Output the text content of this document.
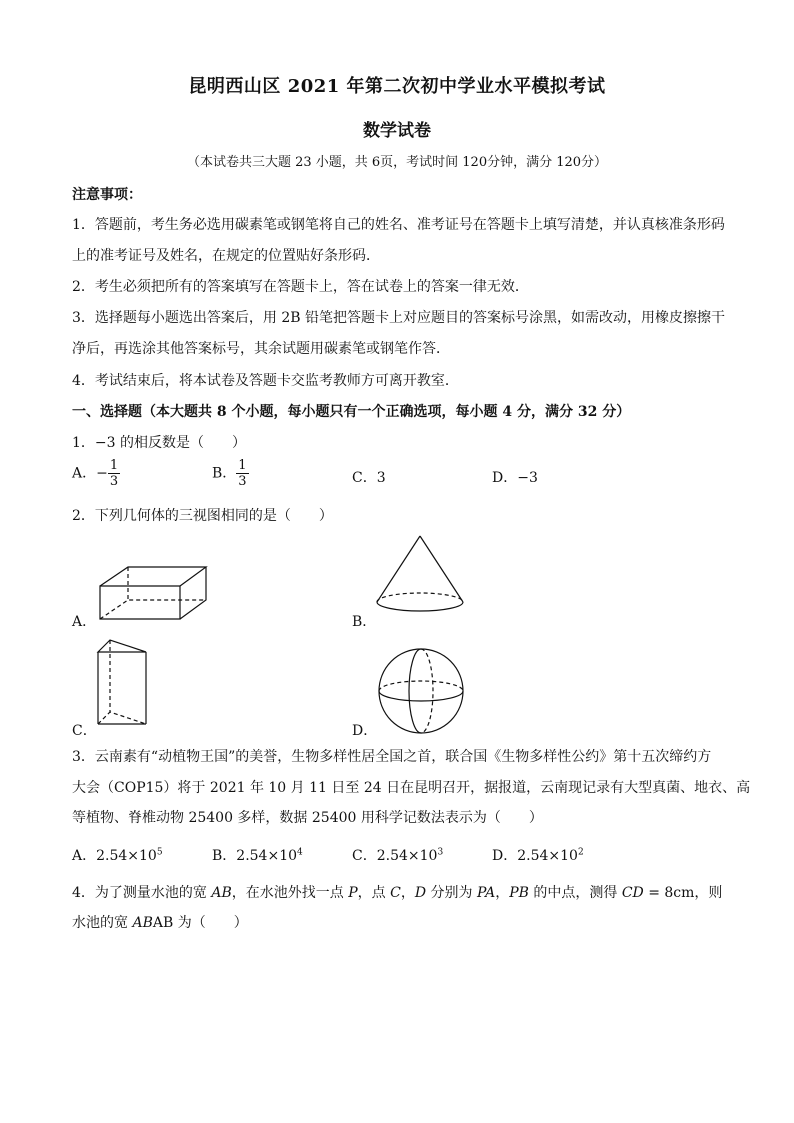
昆明西山区 2021 年第二次初中学业水平模拟考试
数学试卷
（本试卷共三大题 23 小题，共 6页，考试时间 120分钟，满分 120分）
注意事项：
1．答题前，考生务必选用碳素笔或钢笔将自己的姓名、准考证号在答题卡上填写清楚，并认真核准条形码
上的准考证号及姓名，在规定的位置贴好条形码．
2．考生必须把所有的答案填写在答题卡上，答在试卷上的答案一律无效．
3．选择题每小题选出答案后，用 2B 铅笔把答题卡上对应题目的答案标号涂黑，如需改动，用橡皮擦擦干
净后，再选涂其他答案标号，其余试题用碳素笔或钢笔作答．
4．考试结束后，将本试卷及答题卡交监考教师方可离开教室．
一、选择题（本大题共 8 个小题，每小题只有一个正确选项，每小题 4 分，满分 32 分）
1．−3 的相反数是（　　）
A．− $\frac{1}{3}$	B． $\frac{1}{3}$	C．3	D．−3
2．下列几何体的三视图相同的是（　　）
A．	B．
C．	D．
3．云南素有“动植物王国”的美誉，生物多样性居全国之首，联合国《生物多样性公约》第十五次缔约方
大会（COP15）将于 2021 年 10 月 11 日至 24 日在昆明召开，据报道，云南现记录有大型真菌、地衣、高
等植物、脊椎动物 25400 多样，数据 25400 用科学记数法表示为（　　）
A．$2.54\times 10^5$	B．$2.54\times 10^4$	C．$2.54\times 10^3$	D．$2.54\times 10^2$
4．为了测量水池的宽 AB，在水池外找一点 P，点 C，D 分别为 PA，PB 的中点，测得 CD = 8cm，则
水池的宽 ABAB 为（　　）
